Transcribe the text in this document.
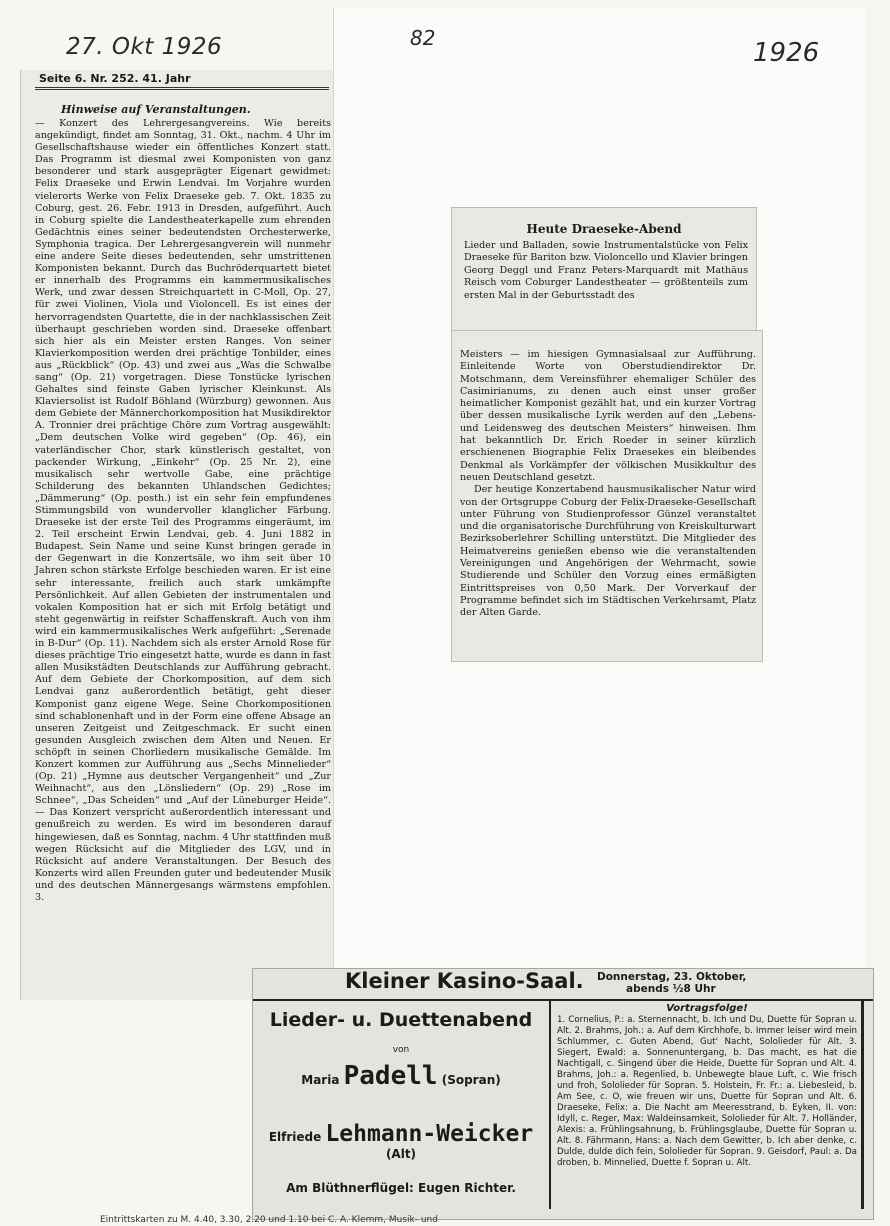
27. Okt 1926	82	1926
Seite 6. Nr. 252. 41. Jahr
Hinweise auf Veranstaltungen.

— Konzert des Lehrergesangvereins. Wie bereits angekündigt, findet am Sonntag, 31. Okt., nachm. 4 Uhr im Gesellschaftshause wieder ein öffentliches Konzert statt. Das Programm ist diesmal zwei Komponisten von ganz besonderer und stark ausgeprägter Eigenart gewidmet: Felix Draeseke und Erwin Lendvai. Im Vorjahre wurden vielerorts Werke von Felix Draeseke geb. 7. Okt. 1835 zu Coburg, gest. 26. Febr. 1913 in Dresden, aufgeführt. Auch in Coburg spielte die Landestheaterkapelle zum ehrenden Gedächtnis eines seiner bedeutendsten Orchesterwerke, Symphonia tragica. Der Lehrergesangverein will nunmehr eine andere Seite dieses bedeutenden, sehr umstrittenen Komponisten bekannt. Durch das Buchröderquartett bietet er innerhalb des Programms ein kammermusikalisches Werk, und zwar dessen Streichquartett in C-Moll, Op. 27, für zwei Violinen, Viola und Violoncell. Es ist eines der hervorragendsten Quartette, die in der nachklassischen Zeit überhaupt geschrieben worden sind. Draeseke offenbart sich hier als ein Meister ersten Ranges. Von seiner Klavierkomposition werden drei prächtige Tonbilder, eines aus „Rückblick“ (Op. 43) und zwei aus „Was die Schwalbe sang“ (Op. 21) vorgetragen. Diese Tonstücke lyrischen Gehaltes sind feinste Gaben lyrischer Kleinkunst. Als Klaviersolist ist Rudolf Böhland (Würzburg) gewonnen. Aus dem Gebiete der Männerchorkomposition hat Musikdirektor A. Tronnier drei prächtige Chöre zum Vortrag ausgewählt: „Dem deutschen Volke wird gegeben“ (Op. 46), ein vaterländischer Chor, stark künstlerisch gestaltet, von packender Wirkung, „Einkehr“ (Op. 25 Nr. 2), eine musikalisch sehr wertvolle Gabe, eine prächtige Schilderung des bekannten Uhlandschen Gedichtes; „Dämmerung“ (Op. posth.) ist ein sehr fein empfundenes Stimmungsbild von wundervoller klanglicher Färbung. Draeseke ist der erste Teil des Programms eingeräumt, im 2. Teil erscheint Erwin Lendvai, geb. 4. Juni 1882 in Budapest. Sein Name und seine Kunst bringen gerade in der Gegenwart in die Konzertsäle, wo ihm seit über 10 Jahren schon stärkste Erfolge beschieden waren. Er ist eine sehr interessante, freilich auch stark umkämpfte Persönlichkeit. Auf allen Gebieten der instrumentalen und vokalen Komposition hat er sich mit Erfolg betätigt und steht gegenwärtig in reifster Schaffenskraft. Auch von ihm wird ein kammermusikalisches Werk aufgeführt: „Serenade in B-Dur“ (Op. 11). Nachdem sich als erster Arnold Rose für dieses prächtige Trio eingesetzt hatte, wurde es dann in fast allen Musikstädten Deutschlands zur Aufführung gebracht. Auf dem Gebiete der Chorkomposition, auf dem sich Lendvai ganz außerordentlich betätigt, geht dieser Komponist ganz eigene Wege. Seine Chorkompositionen sind schablonenhaft und in der Form eine offene Absage an unseren Zeitgeist und Zeitgeschmack. Er sucht einen gesunden Ausgleich zwischen dem Alten und Neuen. Er schöpft in seinen Chorliedern musikalische Gemälde. Im Konzert kommen zur Aufführung aus „Sechs Minnelieder“ (Op. 21) „Hymne aus deutscher Vergangenheit“ und „Zur Weihnacht“, aus den „Lönsliedern“ (Op. 29) „Rose im Schnee“, „Das Scheiden“ und „Auf der Lüneburger Heide“. — Das Konzert verspricht außerordentlich interessant und genußreich zu werden. Es wird im besonderen darauf hingewiesen, daß es Sonntag, nachm. 4 Uhr stattfinden muß wegen Rücksicht auf die Mitglieder des LGV, und in Rücksicht auf andere Veranstaltungen. Der Besuch des Konzerts wird allen Freunden guter und bedeutender Musik und des deutschen Männergesangs wärmstens empfohlen. 3.

Heute Draeseke-Abend

Lieder und Balladen, sowie Instrumentalstücke von Felix Draeseke für Bariton bzw. Violoncello und Klavier bringen Georg Deggl und Franz Peters-Marquardt mit Mathäus Reisch vom Coburger Landestheater — größtenteils zum ersten Mal in der Geburtsstadt des

Meisters — im hiesigen Gymnasialsaal zur Aufführung. Einleitende Worte von Oberstudiendirektor Dr. Motschmann, dem Vereinsführer ehemaliger Schüler des Casimirianums, zu denen auch einst unser großer heimatlicher Komponist gezählt hat, und ein kurzer Vortrag über dessen musikalische Lyrik werden auf den „Lebens- und Leidensweg des deutschen Meisters“ hinweisen. Ihm hat bekanntlich Dr. Erich Roeder in seiner kürzlich erschienenen Biographie Felix Draesekes ein bleibendes Denkmal als Vorkämpfer der völkischen Musikkultur des neuen Deutschland gesetzt.

Der heutige Konzertabend hausmusikalischer Natur wird von der Ortsgruppe Coburg der Felix-Draeseke-Gesellschaft unter Führung von Studienprofessor Günzel veranstaltet und die organisatorische Durchführung von Kreiskulturwart Bezirksoberlehrer Schilling unterstützt. Die Mitglieder des Heimatvereins genießen ebenso wie die veranstaltenden Vereinigungen und Angehörigen der Wehrmacht, sowie Studierende und Schüler den Vorzug eines ermäßigten Eintrittspreises von 0,50 Mark. Der Vorverkauf der Programme befindet sich im Städtischen Verkehrsamt, Platz der Alten Garde.

Kleiner Kasino-Saal. Donnerstag, 23. Oktober,
abends ½8 Uhr
Lieder- u. Duettenabend
von
Maria Padell (Sopran)
Elfriede Lehmann-Weicker (Alt)
Am Blüthnerflügel: Eugen Richter.
Vortragsfolge!
1. Cornelius, P.: a. Sternennacht, b. Ich und Du, Duette für Sopran u. Alt. 2. Brahms, Joh.: a. Auf dem Kirchhofe, b. Immer leiser wird mein Schlummer, c. Guten Abend, Gut' Nacht, Sololieder für Alt. 3. Siegert, Ewald: a. Sonnenuntergang, b. Das macht, es hat die Nachtigall, c. Singend über die Heide, Duette für Sopran und Alt. 4. Brahms, Joh.: a. Regenlied, b. Unbewegte blaue Luft, c. Wie frisch und froh, Sololieder für Sopran. 5. Holstein, Fr. Fr.: a. Liebesleid, b. Am See, c. O, wie freuen wir uns, Duette für Sopran und Alt. 6. Draeseke, Felix: a. Die Nacht am Meeresstrand, b. Eyken, II. von: Idyll, c. Reger, Max: Waldeinsamkeit, Sololieder für Alt. 7. Holländer, Alexis: a. Frühlingsahnung, b. Frühlingsglaube, Duette für Sopran u. Alt. 8. Fährmann, Hans: a. Nach dem Gewitter, b. Ich aber denke, c. Dulde, dulde dich fein, Sololieder für Sopran. 9. Geisdorf, Paul: a. Da droben, b. Minnelied, Duette f. Sopran u. Alt.
Eintrittskarten zu M. 4.40, 3.30, 2.20 und 1.10 bei C. A. Klemm, Musik- und
